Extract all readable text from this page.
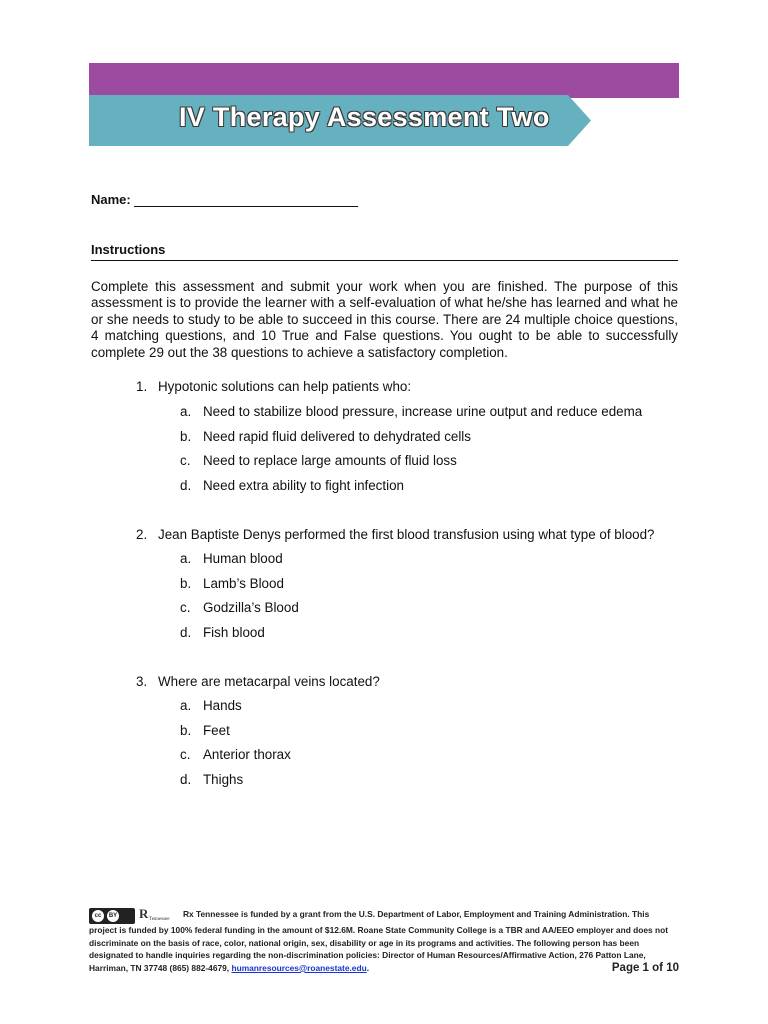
IV Therapy Assessment Two
Name:
Instructions
Complete this assessment and submit your work when you are finished. The purpose of this assessment is to provide the learner with a self-evaluation of what he/she has learned and what he or she needs to study to be able to succeed in this course. There are 24 multiple choice questions, 4 matching questions, and 10 True and False questions. You ought to be able to successfully complete 29 out the 38 questions to achieve a satisfactory completion.
1. Hypotonic solutions can help patients who:
a. Need to stabilize blood pressure, increase urine output and reduce edema
b. Need rapid fluid delivered to dehydrated cells
c. Need to replace large amounts of fluid loss
d. Need extra ability to fight infection
2. Jean Baptiste Denys performed the first blood transfusion using what type of blood?
a. Human blood
b. Lamb’s Blood
c. Godzilla’s Blood
d. Fish blood
3. Where are metacarpal veins located?
a. Hands
b. Feet
c. Anterior thorax
d. Thighs
cc	BY R Tennessee
Rx Tennessee is funded by a grant from the U.S. Department of Labor, Employment and Training Administration. This project is funded by 100% federal funding in the amount of $12.6M. Roane State Community College is a TBR and AA/EEO employer and does not discriminate on the basis of race, color, national origin, sex, disability or age in its programs and activities. The following person has been designated to handle inquiries regarding the non-discrimination policies: Director of Human Resources/Affirmative Action, 276 Patton Lane, Harriman, TN 37748 (865) 882-4679, humanresources@roanestate.edu.	Page 1 of 10
